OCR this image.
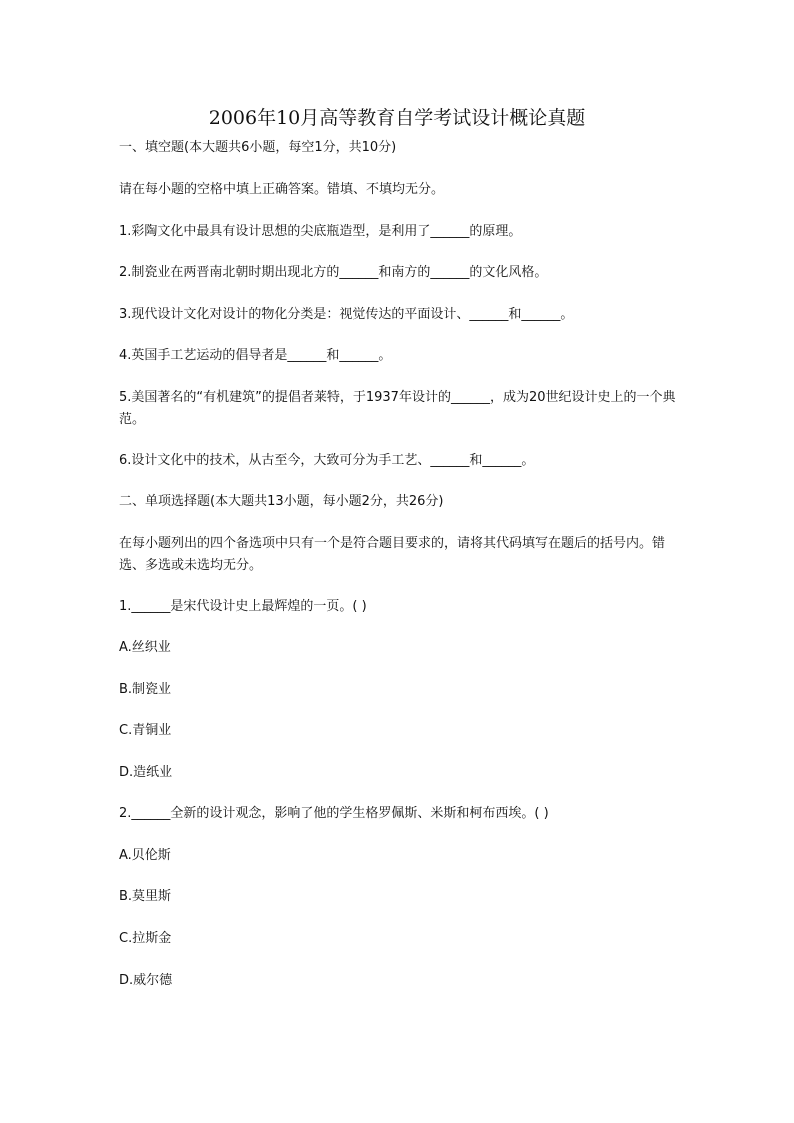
2006年10月高等教育自学考试设计概论真题
一、填空题(本大题共6小题，每空1分，共10分)
请在每小题的空格中填上正确答案。错填、不填均无分。
1.彩陶文化中最具有设计思想的尖底瓶造型，是利用了______的原理。
2.制瓷业在两晋南北朝时期出现北方的______和南方的______的文化风格。
3.现代设计文化对设计的物化分类是：视觉传达的平面设计、______和______。
4.英国手工艺运动的倡导者是______和______。
5.美国著名的“有机建筑”的提倡者莱特，于1937年设计的______，成为20世纪设计史上的一个典范。
6.设计文化中的技术，从古至今，大致可分为手工艺、______和______。
二、单项选择题(本大题共13小题，每小题2分，共26分)
在每小题列出的四个备选项中只有一个是符合题目要求的，请将其代码填写在题后的括号内。错选、多选或未选均无分。
1.______是宋代设计史上最辉煌的一页。( )
A.丝织业
B.制瓷业
C.青铜业
D.造纸业
2.______全新的设计观念，影响了他的学生格罗佩斯、米斯和柯布西埃。( )
A.贝伦斯
B.莫里斯
C.拉斯金
D.威尔德
